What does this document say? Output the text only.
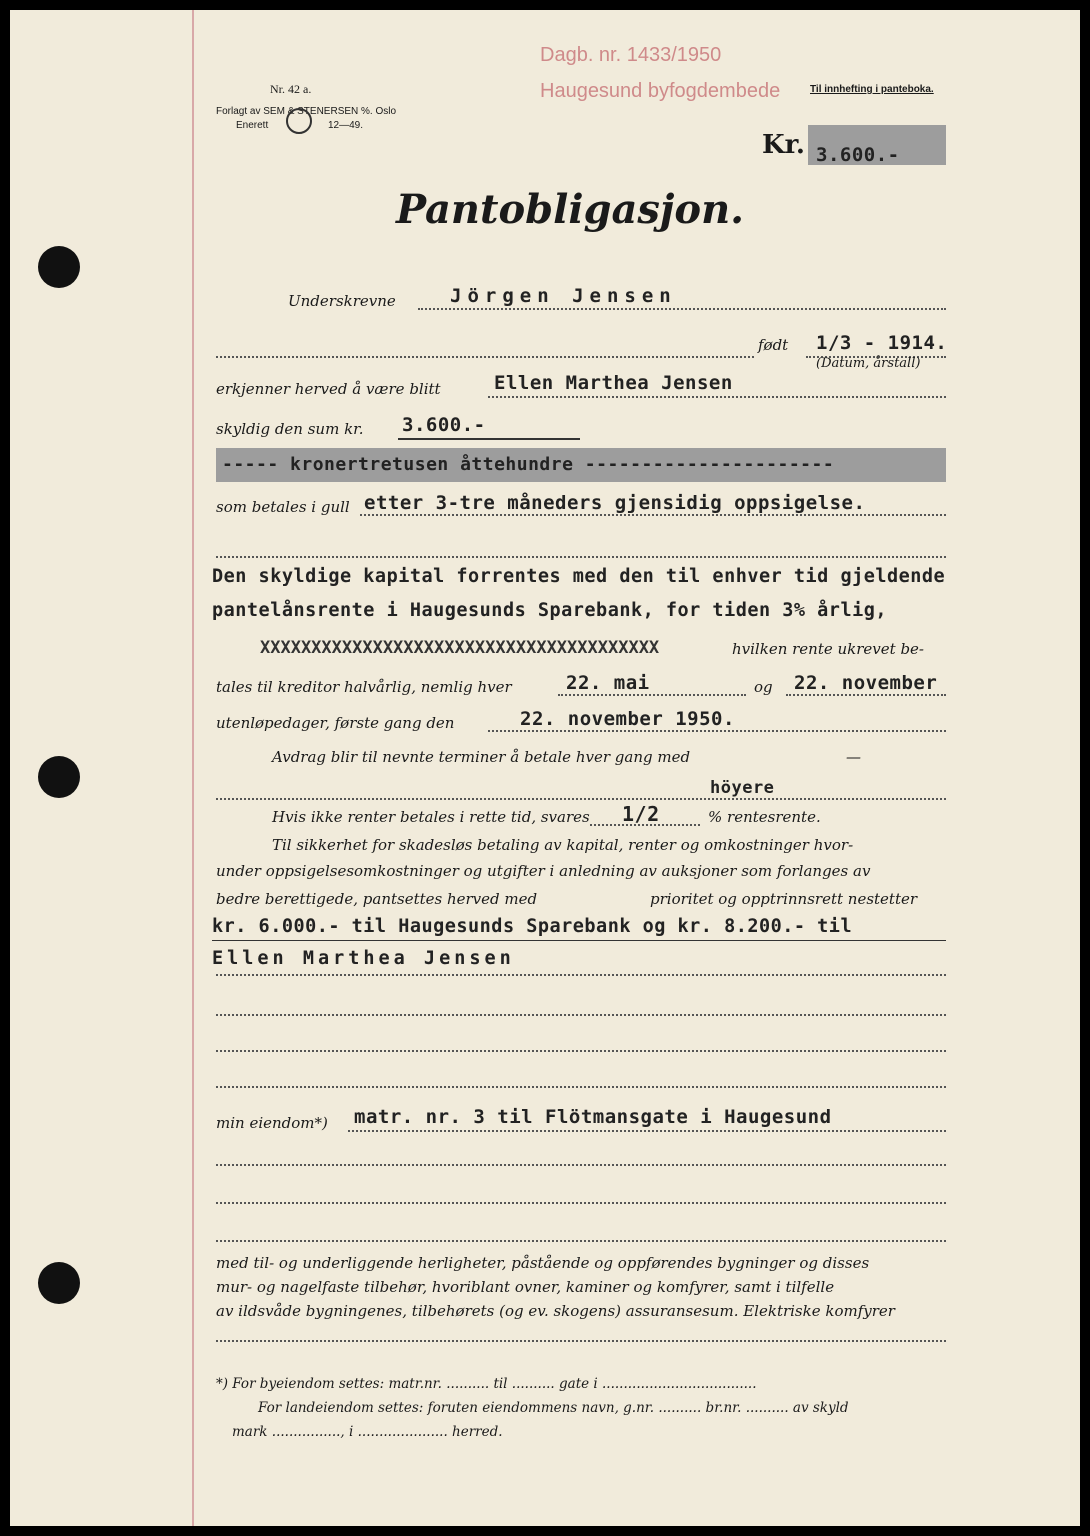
Dagb. nr. 1433/1950
Haugesund byfogdembede
Nr. 42 a.
Forlagt av SEM & STENERSEN %. Oslo
Enerett	12—49.
Til innhefting i panteboka.
Kr. 3.600.-
Pantobligasjon.
Underskrevne	Jörgen Jensen
født 1/3 - 1914.
(Datum, årstall)
erkjenner herved å være blitt	Ellen Marthea Jensen
skyldig den sum kr. 3.600.-
----- kronertretusen åttehundre ----------------------
som betales i gull etter 3-tre måneders gjensidig oppsigelse.
Den skyldige kapital forrentes med den til enhver tid gjeldende
pantelånsrente i Haugesunds Sparebank, for tiden 3% årlig,
XXXXXXXXXXXXXXXXXXXXXXXXXXXXXXXXXXXXXXX	hvilken rente ukrevet be-
tales til kreditor halvårlig, nemlig hver	22. mai	og 22. november
utenløpedager, første gang den	22. november 1950.
Avdrag blir til nevnte terminer å betale hver gang med	—
höyere
Hvis ikke renter betales i rette tid, svares 1/2	% rentesrente.
Til sikkerhet for skadesløs betaling av kapital, renter og omkostninger hvor-
under oppsigelsesomkostninger og utgifter i anledning av auksjoner som forlanges av
bedre berettigede, pantsettes herved med	prioritet og opptrinnsrett nestetter
kr. 6.000.- til Haugesunds Sparebank og kr. 8.200.- til
Ellen Marthea Jensen
min eiendom*) matr. nr. 3 til Flötmansgate i Haugesund
med til- og underliggende herligheter, påstående og oppførendes bygninger og disses
mur- og nagelfaste tilbehør, hvoriblant ovner, kaminer og komfyrer, samt i tilfelle
av ildsvåde bygningenes, tilbehørets (og ev. skogens) assuransesum. Elektriske komfyrer
*) For byeiendom settes: matr.nr. .......... til .......... gate i ....................................
For landeiendom settes: foruten eiendommens navn, g.nr. .......... br.nr. .......... av skyld
mark ................, i ..................... herred.
